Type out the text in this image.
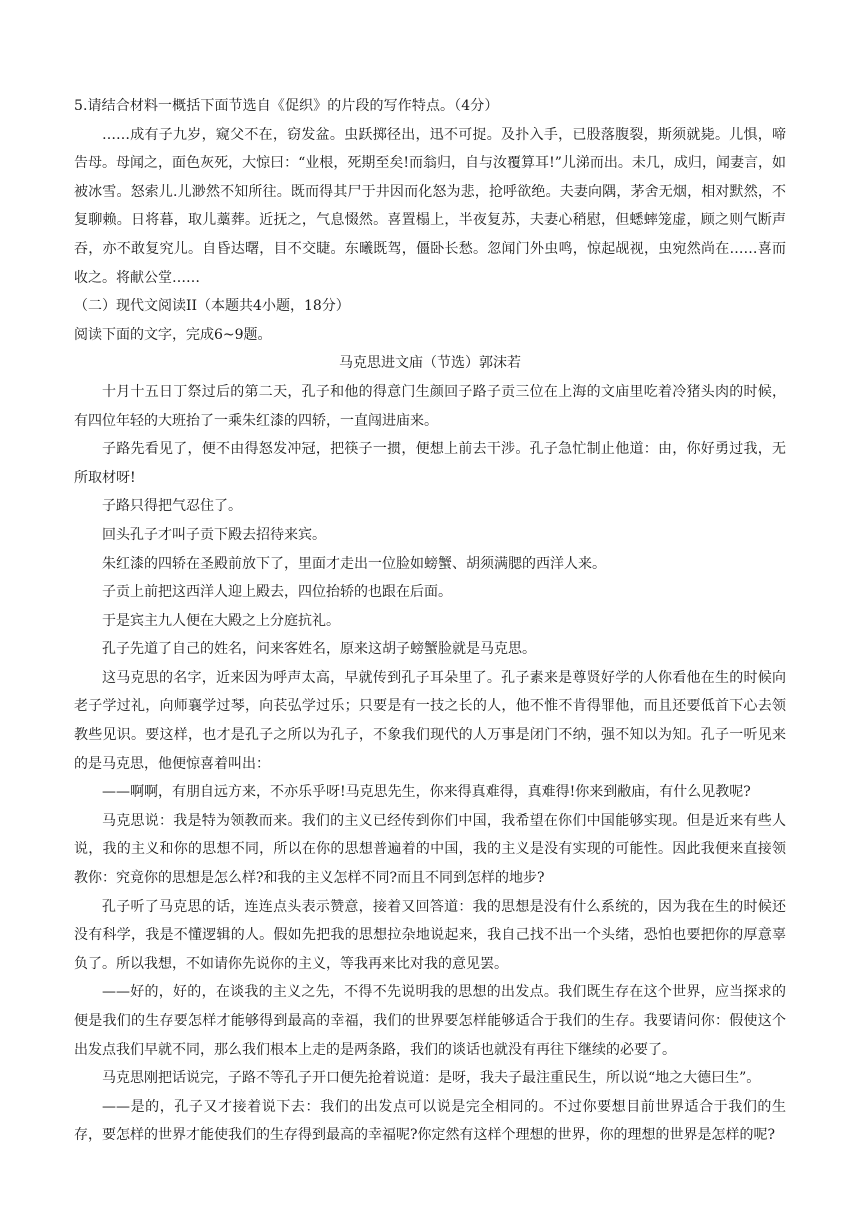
5.请结合材料一概括下面节选自《促织》的片段的写作特点。（4分）

……成有子九岁，窥父不在，窃发盆。虫跃掷径出，迅不可捉。及扑入手，已股落腹裂，斯须就毙。儿惧，啼告母。母闻之，面色灰死，大惊曰：“业根，死期至矣!而翁归，自与汝覆算耳!”儿涕而出。未几，成归，闻妻言，如被冰雪。怒索儿.儿渺然不知所往。既而得其尸于井因而化怒为悲，抢呼欲绝。夫妻向隅，茅舍无烟，相对默然，不复聊赖。日将暮，取儿藁葬。近抚之，气息惙然。喜置榻上，半夜复苏，夫妻心稍慰，但蟋蟀笼虚，顾之则气断声吞，亦不敢复究儿。自昏达曙，目不交睫。东曦既驾，僵卧长愁。忽闻门外虫鸣，惊起觇视，虫宛然尚在……喜而收之。将献公堂……

（二）现代文阅读II（本题共4小题，18分）

阅读下面的文字，完成6~9题。

马克思进文庙（节选）郭沫若

十月十五日丁祭过后的第二天，孔子和他的得意门生颜回子路子贡三位在上海的文庙里吃着冷猪头肉的时候，有四位年轻的大班抬了一乘朱红漆的四轿，一直闯进庙来。

子路先看见了，便不由得怒发冲冠，把筷子一掼，便想上前去干涉。孔子急忙制止他道：由，你好勇过我，无所取材呀!

子路只得把气忍住了。

回头孔子才叫子贡下殿去招待来宾。

朱红漆的四轿在圣殿前放下了，里面才走出一位脸如螃蟹、胡须满腮的西洋人来。

子贡上前把这西洋人迎上殿去，四位抬轿的也跟在后面。

于是宾主九人便在大殿之上分庭抗礼。

孔子先道了自己的姓名，问来客姓名，原来这胡子螃蟹脸就是马克思。

这马克思的名字，近来因为呼声太高，早就传到孔子耳朵里了。孔子素来是尊贤好学的人你看他在生的时候向老子学过礼，向师襄学过琴，向苌弘学过乐；只要是有一技之长的人，他不惟不肯得罪他，而且还要低首下心去领教些见识。要这样，也才是孔子之所以为孔子，不象我们现代的人万事是闭门不纳，强不知以为知。孔子一听见来的是马克思，他便惊喜着叫出：

——啊啊，有朋自远方来，不亦乐乎呀!马克思先生，你来得真难得，真难得!你来到敝庙，有什么见教呢?

马克思说：我是特为领教而来。我们的主义已经传到你们中国，我希望在你们中国能够实现。但是近来有些人说，我的主义和你的思想不同，所以在你的思想普遍着的中国，我的主义是没有实现的可能性。因此我便来直接领教你：究竟你的思想是怎么样?和我的主义怎样不同?而且不同到怎样的地步?

孔子听了马克思的话，连连点头表示赞意，接着又回答道：我的思想是没有什么系统的，因为我在生的时候还没有科学，我是不懂逻辑的人。假如先把我的思想拉杂地说起来，我自己找不出一个头绪，恐怕也要把你的厚意辜负了。所以我想，不如请你先说你的主义，等我再来比对我的意见罢。

——好的，好的，在谈我的主义之先，不得不先说明我的思想的出发点。我们既生存在这个世界，应当探求的便是我们的生存要怎样才能够得到最高的幸福，我们的世界要怎样能够适合于我们的生存。我要请问你：假使这个出发点我们早就不同，那么我们根本上走的是两条路，我们的谈话也就没有再往下继续的必要了。

马克思刚把话说完，子路不等孔子开口便先抢着说道：是呀，我夫子最注重民生，所以说“地之大德曰生”。

——是的，孔子又才接着说下去：我们的出发点可以说是完全相同的。不过你要想目前世界适合于我们的生存，要怎样的世界才能使我们的生存得到最高的幸福呢?你定然有这样个理想的世界，你的理想的世界是怎样的呢?
